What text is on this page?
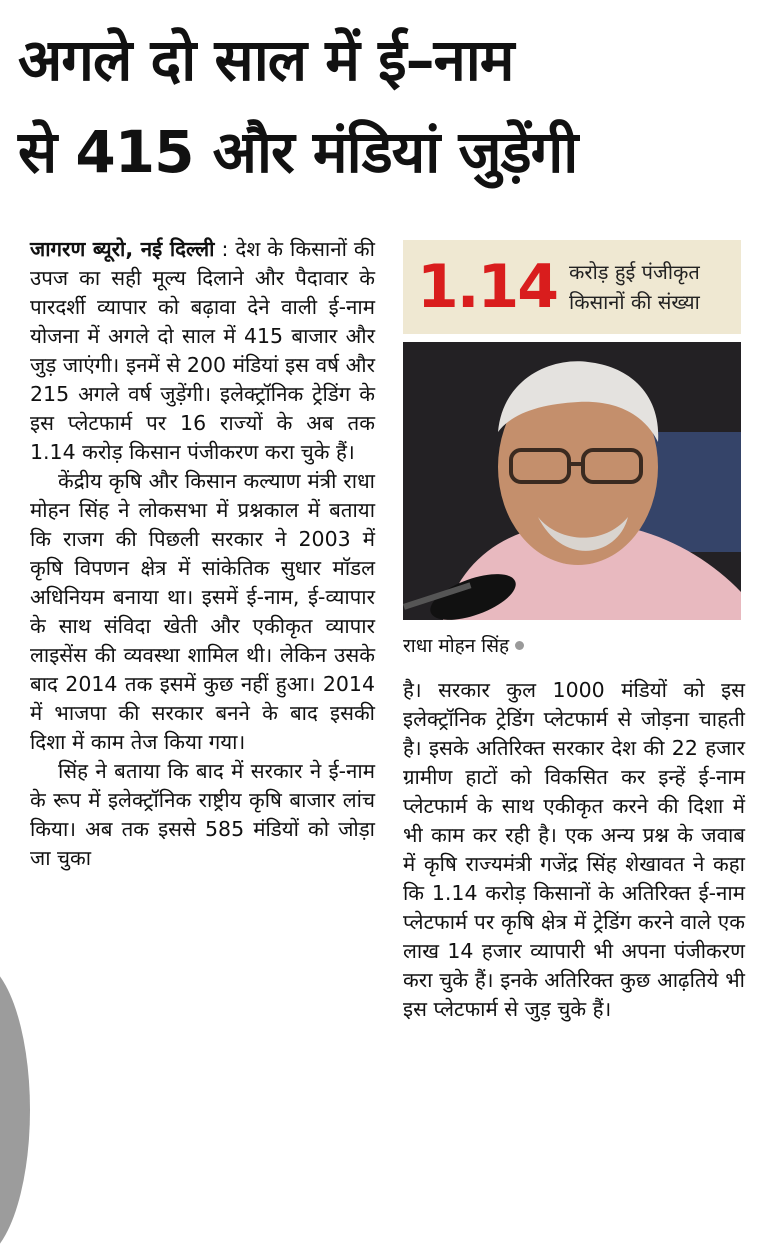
अगले दो साल में ई–नाम
से 415 और मंडियां जुड़ेंगी

जागरण ब्यूरो, नई दिल्ली : देश के किसानों की उपज का सही मूल्य दिलाने और पैदावार के पारदर्शी व्यापार को बढ़ावा देने वाली ई-नाम योजना में अगले दो साल में 415 बाजार और जुड़ जाएंगी। इनमें से 200 मंडियां इस वर्ष और 215 अगले वर्ष जुड़ेंगी। इलेक्ट्रॉनिक ट्रेडिंग के इस प्लेटफार्म पर 16 राज्यों के अब तक 1.14 करोड़ किसान पंजीकरण करा चुके हैं।

केंद्रीय कृषि और किसान कल्याण मंत्री राधा मोहन सिंह ने लोकसभा में प्रश्नकाल में बताया कि राजग की पिछली सरकार ने 2003 में कृषि विपणन क्षेत्र में सांकेतिक सुधार मॉडल अधिनियम बनाया था। इसमें ई-नाम, ई-व्यापार के साथ संविदा खेती और एकीकृत व्यापार लाइसेंस की व्यवस्था शामिल थी। लेकिन उसके बाद 2014 तक इसमें कुछ नहीं हुआ। 2014 में भाजपा की सरकार बनने के बाद इसकी दिशा में काम तेज किया गया।

सिंह ने बताया कि बाद में सरकार ने ई-नाम के रूप में इलेक्ट्रॉनिक राष्ट्रीय कृषि बाजार लांच किया। अब तक इससे 585 मंडियों को जोड़ा जा चुका

1.14 करोड़ हुई पंजीकृत
किसानों की संख्या
राधा मोहन सिंह

है। सरकार कुल 1000 मंडियों को इस इलेक्ट्रॉनिक ट्रेडिंग प्लेटफार्म से जोड़ना चाहती है। इसके अतिरिक्त सरकार देश की 22 हजार ग्रामीण हाटों को विकसित कर इन्हें ई-नाम प्लेटफार्म के साथ एकीकृत करने की दिशा में भी काम कर रही है। एक अन्य प्रश्न के जवाब में कृषि राज्यमंत्री गजेंद्र सिंह शेखावत ने कहा कि 1.14 करोड़ किसानों के अतिरिक्त ई-नाम प्लेटफार्म पर कृषि क्षेत्र में ट्रेडिंग करने वाले एक लाख 14 हजार व्यापारी भी अपना पंजीकरण करा चुके हैं। इनके अतिरिक्त कुछ आढ़तिये भी इस प्लेटफार्म से जुड़ चुके हैं।
